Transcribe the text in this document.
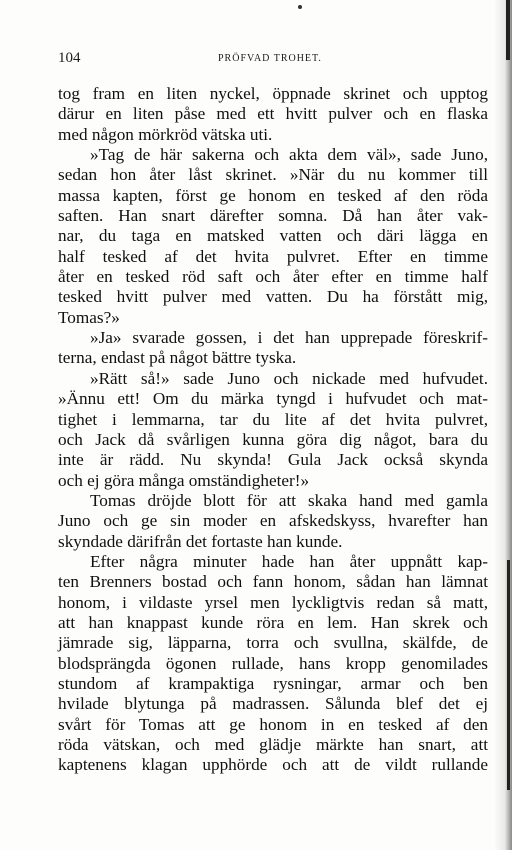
104	PRÖFVAD TROHET.
tog fram en liten nyckel, öppnade skrinet och upptog
därur en liten påse med ett hvitt pulver och en flaska
med någon mörkröd vätska uti.
»Tag de här sakerna och akta dem väl», sade Juno,
sedan hon åter låst skrinet. »När du nu kommer till
massa kapten, först ge honom en tesked af den röda
saften. Han snart därefter somna. Då han åter vak-
nar, du taga en matsked vatten och däri lägga en
half tesked af det hvita pulvret. Efter en timme
åter en tesked röd saft och åter efter en timme half
tesked hvitt pulver med vatten. Du ha förstått mig,
Tomas?»
»Ja» svarade gossen, i det han upprepade föreskrif-
terna, endast på något bättre tyska.
»Rätt så!» sade Juno och nickade med hufvudet.
»Ännu ett! Om du märka tyngd i hufvudet och mat-
tighet i lemmarna, tar du lite af det hvita pulvret,
och Jack då svårligen kunna göra dig något, bara du
inte är rädd. Nu skynda! Gula Jack också skynda
och ej göra många omständigheter!»
Tomas dröjde blott för att skaka hand med gamla
Juno och ge sin moder en afskedskyss, hvarefter han
skyndade därifrån det fortaste han kunde.
Efter några minuter hade han åter uppnått kap-
ten Brenners bostad och fann honom, sådan han lämnat
honom, i vildaste yrsel men lyckligtvis redan så matt,
att han knappast kunde röra en lem. Han skrek och
jämrade sig, läpparna, torra och svullna, skälfde, de
blodsprängda ögonen rullade, hans kropp genomilades
stundom af krampaktiga rysningar, armar och ben
hvilade blytunga på madrassen. Sålunda blef det ej
svårt för Tomas att ge honom in en tesked af den
röda vätskan, och med glädje märkte han snart, att
kaptenens klagan upphörde och att de vildt rullande
